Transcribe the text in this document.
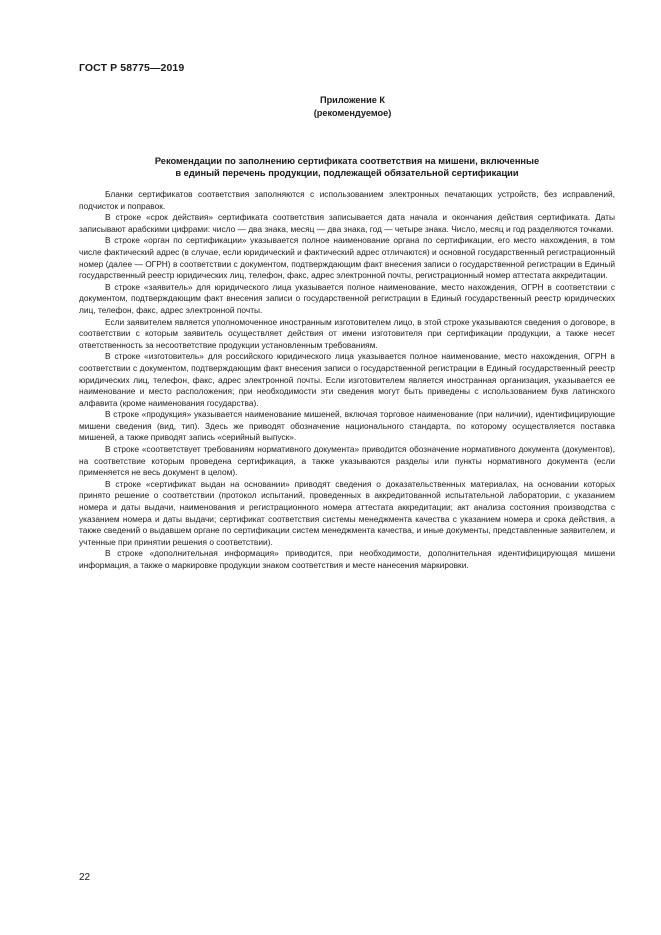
ГОСТ Р 58775—2019
Приложение К
(рекомендуемое)
Рекомендации по заполнению сертификата соответствия на мишени, включенные
в единый перечень продукции, подлежащей обязательной сертификации

Бланки сертификатов соответствия заполняются с использованием электронных печатающих устройств, без исправлений, подчисток и поправок.

В строке «срок действия» сертификата соответствия записывается дата начала и окончания действия сертификата. Даты записывают арабскими цифрами: число — два знака, месяц — два знака, год — четыре знака. Число, месяц и год разделяются точками.

В строке «орган по сертификации» указывается полное наименование органа по сертификации, его место нахождения, в том числе фактический адрес (в случае, если юридический и фактический адрес отличаются) и основной государственный регистрационный номер (далее — ОГРН) в соответствии с документом, подтверждающим факт внесения записи о государственной регистрации в Единый государственный реестр юридических лиц, телефон, факс, адрес электронной почты, регистрационный номер аттестата аккредитации.

В строке «заявитель» для юридического лица указывается полное наименование, место нахождения, ОГРН в соответствии с документом, подтверждающим факт внесения записи о государственной регистрации в Единый государственный реестр юридических лиц, телефон, факс, адрес электронной почты.

Если заявителем является уполномоченное иностранным изготовителем лицо, в этой строке указываются сведения о договоре, в соответствии с которым заявитель осуществляет действия от имени изготовителя при сертификации продукции, а также несет ответственность за несоответствие продукции установленным требованиям.

В строке «изготовитель» для российского юридического лица указывается полное наименование, место нахождения, ОГРН в соответствии с документом, подтверждающим факт внесения записи о государственной регистрации в Единый государственный реестр юридических лиц, телефон, факс, адрес электронной почты. Если изготовителем является иностранная организация, указывается ее наименование и место расположения; при необходимости эти сведения могут быть приведены с использованием букв латинского алфавита (кроме наименования государства).

В строке «продукция» указывается наименование мишеней, включая торговое наименование (при наличии), идентифицирующие мишени сведения (вид, тип). Здесь же приводят обозначение национального стандарта, по которому осуществляется поставка мишеней, а также приводят запись «серийный выпуск».

В строке «соответствует требованиям нормативного документа» приводится обозначение нормативного документа (документов), на соответствие которым проведена сертификация, а также указываются разделы или пункты нормативного документа (если применяется не весь документ в целом).

В строке «сертификат выдан на основании» приводят сведения о доказательственных материалах, на основании которых принято решение о соответствии (протокол испытаний, проведенных в аккредитованной испытательной лаборатории, с указанием номера и даты выдачи, наименования и регистрационного номера аттестата аккредитации; акт анализа состояния производства с указанием номера и даты выдачи; сертификат соответствия системы менеджмента качества с указанием номера и срока действия, а также сведений о выдавшем органе по сертификации систем менеджмента качества, и иные документы, представленные заявителем, и учтенные при принятии решения о соответствии).

В строке «дополнительная информация» приводится, при необходимости, дополнительная идентифицирующая мишени информация, а также о маркировке продукции знаком соответствия и месте нанесения маркировки.

22
